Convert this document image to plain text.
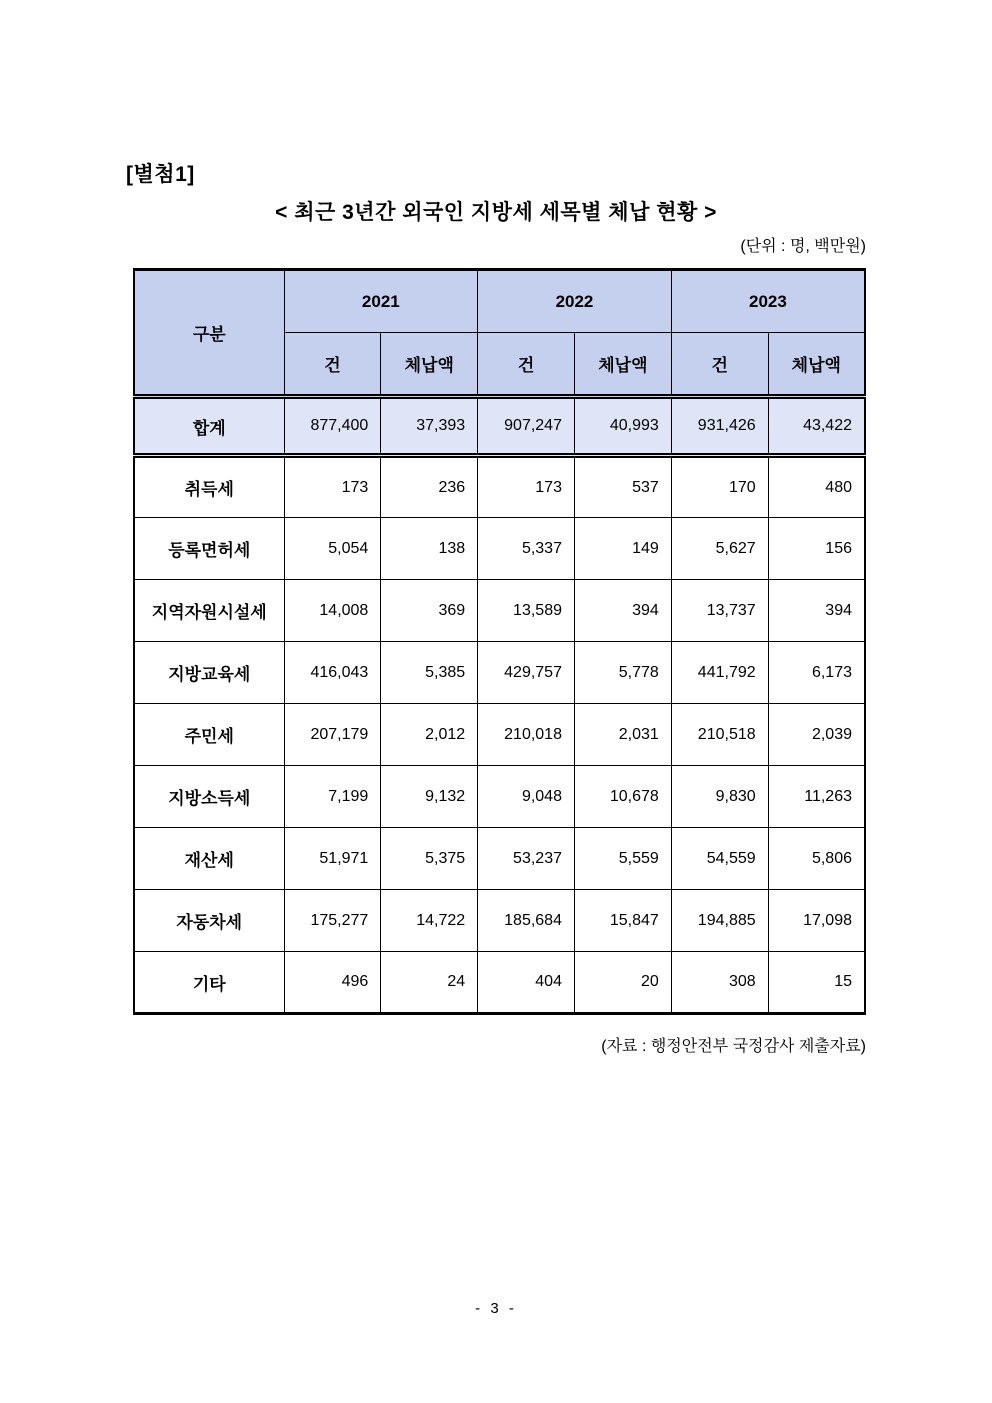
[별첨1]
< 최근 3년간 외국인 지방세 세목별 체납 현황 >
(단위 : 명, 백만원)
구분	2021		2022		2023	
	건	체납액	건	체납액	건	체납액
합계	877,400	37,393	907,247	40,993	931,426	43,422
취득세	173	236	173	537	170	480
등록면허세	5,054	138	5,337	149	5,627	156
지역자원시설세	14,008	369	13,589	394	13,737	394
지방교육세	416,043	5,385	429,757	5,778	441,792	6,173
주민세	207,179	2,012	210,018	2,031	210,518	2,039
지방소득세	7,199	9,132	9,048	10,678	9,830	11,263
재산세	51,971	5,375	53,237	5,559	54,559	5,806
자동차세	175,277	14,722	185,684	15,847	194,885	17,098
기타	496	24	404	20	308	15
(자료 : 행정안전부 국정감사 제출자료)
- 3 -
